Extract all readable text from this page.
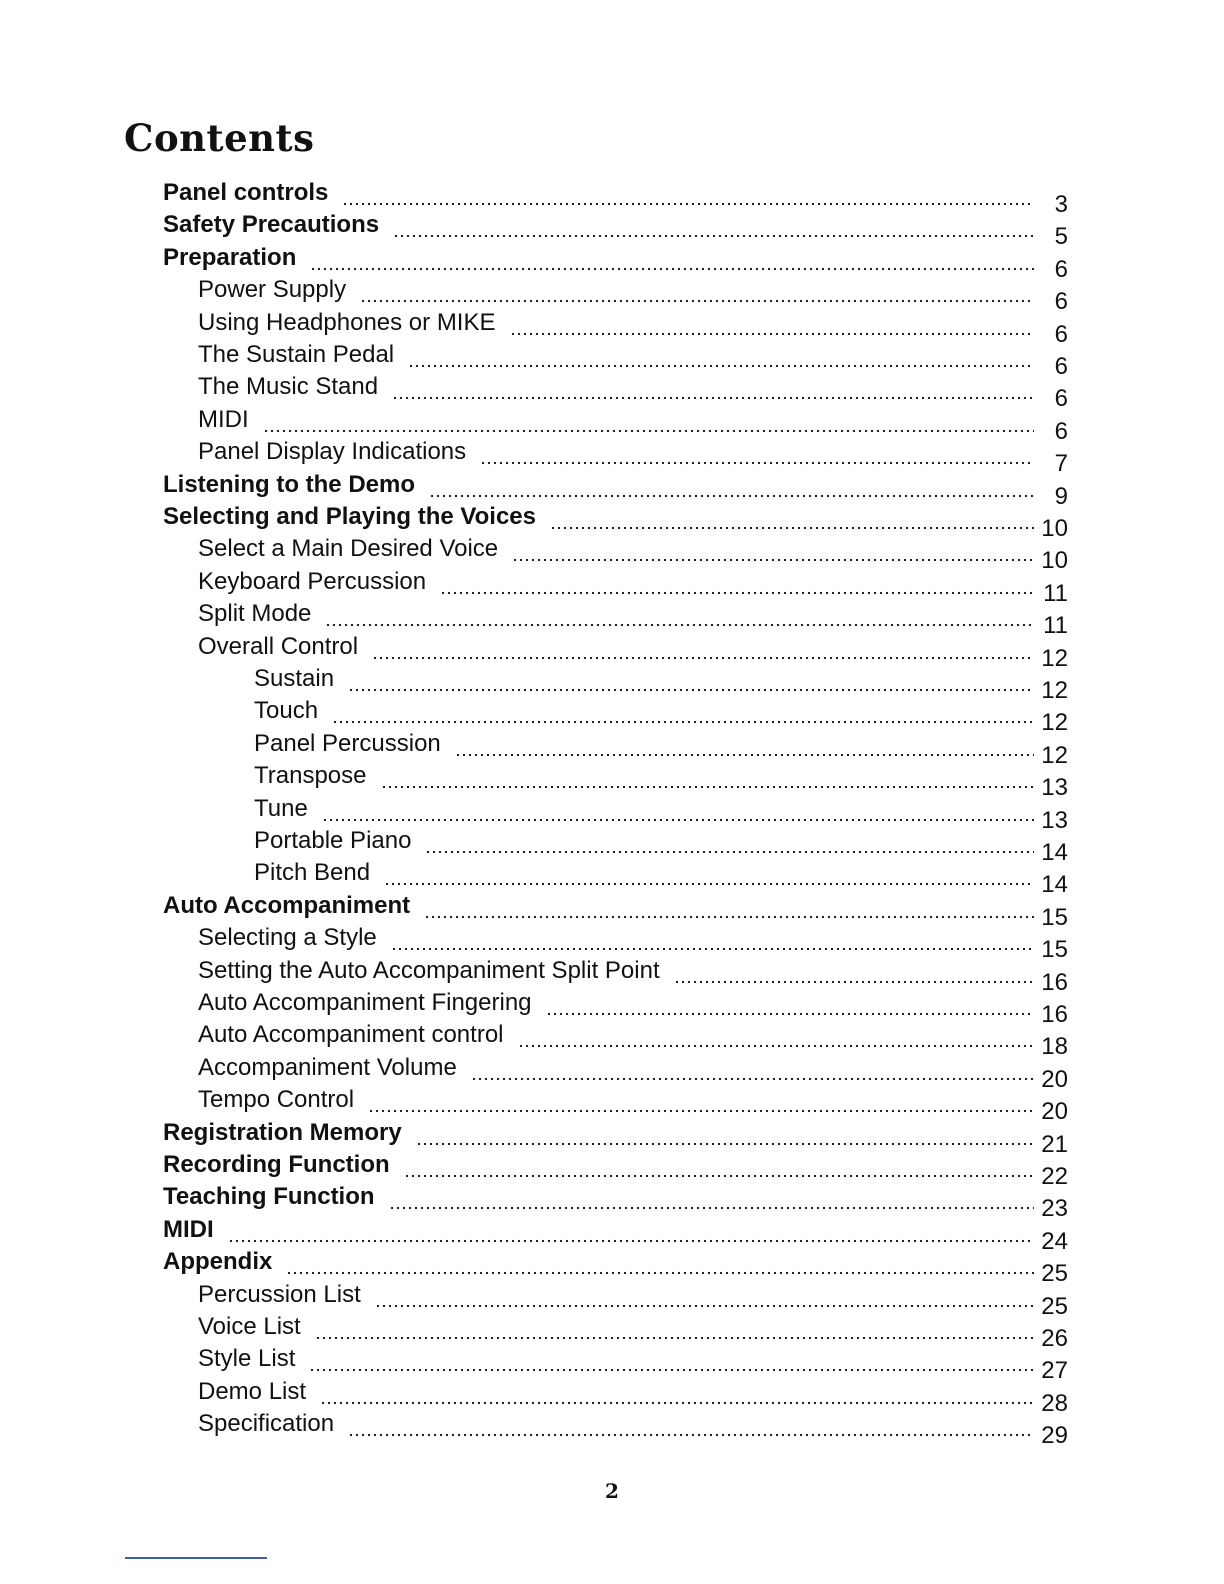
Contents
Panel controls	3
Safety Precautions	5
Preparation	6
Power Supply	6
Using Headphones or MIKE	6
The Sustain Pedal	6
The Music Stand	6
MIDI	6
Panel Display Indications	7
Listening to the Demo	9
Selecting and Playing the Voices	10
Select a Main Desired Voice	10
Keyboard Percussion	11
Split Mode	11
Overall Control	12
Sustain	12
Touch	12
Panel Percussion	12
Transpose	13
Tune	13
Portable Piano	14
Pitch Bend	14
Auto Accompaniment	15
Selecting a Style	15
Setting the Auto Accompaniment Split Point	16
Auto Accompaniment Fingering	16
Auto Accompaniment control	18
Accompaniment Volume	20
Tempo Control	20
Registration Memory	21
Recording Function	22
Teaching Function	23
MIDI	24
Appendix	25
Percussion List	25
Voice List	26
Style List	27
Demo List	28
Specification	29
2
